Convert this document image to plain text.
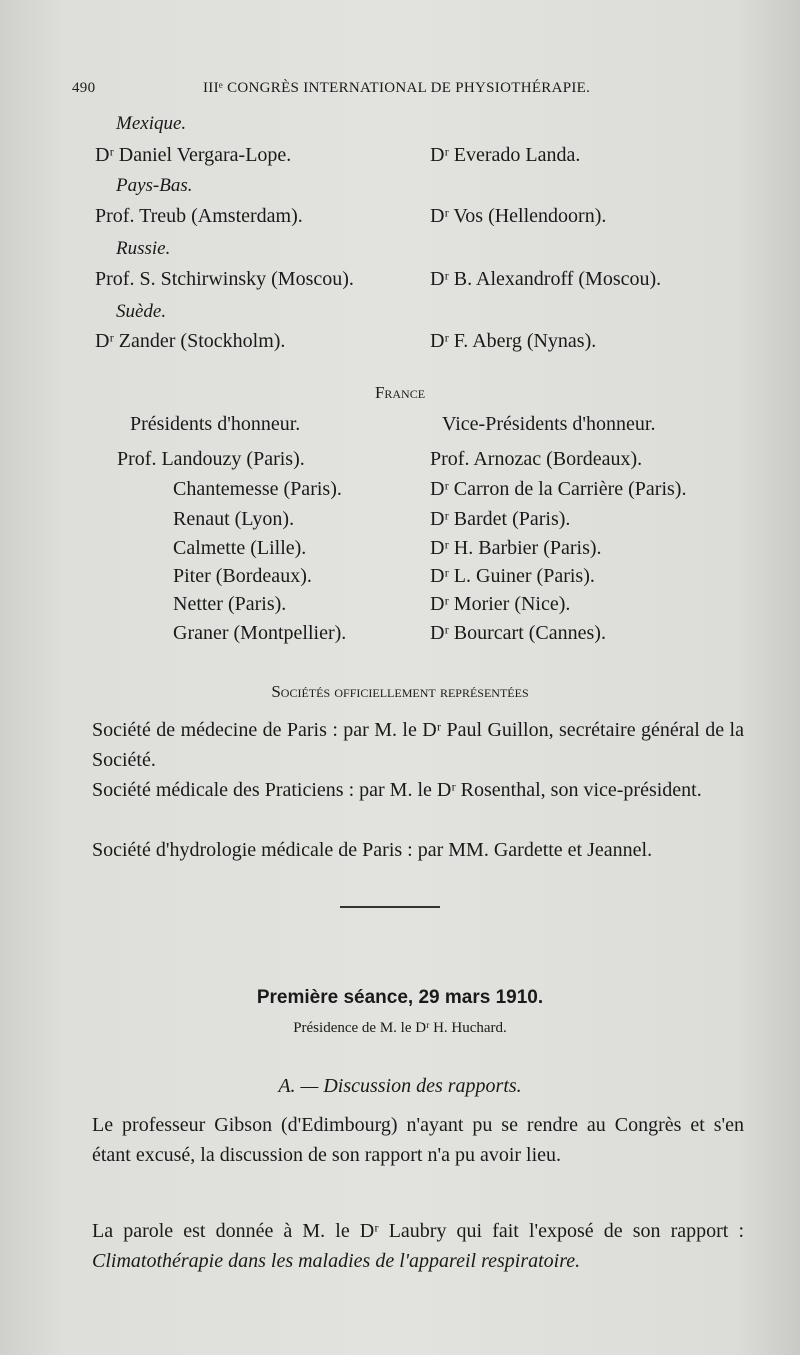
490	IIIᵉ CONGRÈS INTERNATIONAL DE PHYSIOTHÉRAPIE.
Mexique.
Dʳ Daniel Vergara-Lope.	Dʳ Everado Landa.
Pays-Bas.
Prof. Treub (Amsterdam).	Dʳ Vos (Hellendoorn).
Russie.
Prof. S. Stchirwinsky (Moscou).	Dʳ B. Alexandroff (Moscou).
Suède.
Dʳ Zander (Stockholm).	Dʳ F. Aberg (Nynas).
France
Présidents d'honneur.	Vice-Présidents d'honneur.
Prof. Landouzy (Paris).	Prof. Arnozac (Bordeaux).
Chantemesse (Paris).	Dʳ Carron de la Carrière (Paris).
Renaut (Lyon).	Dʳ Bardet (Paris).
Calmette (Lille).	Dʳ H. Barbier (Paris).
Piter (Bordeaux).	Dʳ L. Guiner (Paris).
Netter (Paris).	Dʳ Morier (Nice).
Graner (Montpellier).	Dʳ Bourcart (Cannes).
Sociétés officiellement représentées
Société de médecine de Paris : par M. le Dʳ Paul Guillon, secrétaire général de la Société.
Société médicale des Praticiens : par M. le Dʳ Rosenthal, son vice-président.
Société d'hydrologie médicale de Paris : par MM. Gardette et Jeannel.
Première séance, 29 mars 1910.
Présidence de M. le Dʳ H. Huchard.
A. — Discussion des rapports.
Le professeur Gibson (d'Edimbourg) n'ayant pu se rendre au Congrès et s'en étant excusé, la discussion de son rapport n'a pu avoir lieu.
La parole est donnée à M. le Dʳ Laubry qui fait l'exposé de son rapport : Climatothérapie dans les maladies de l'appareil respiratoire.
